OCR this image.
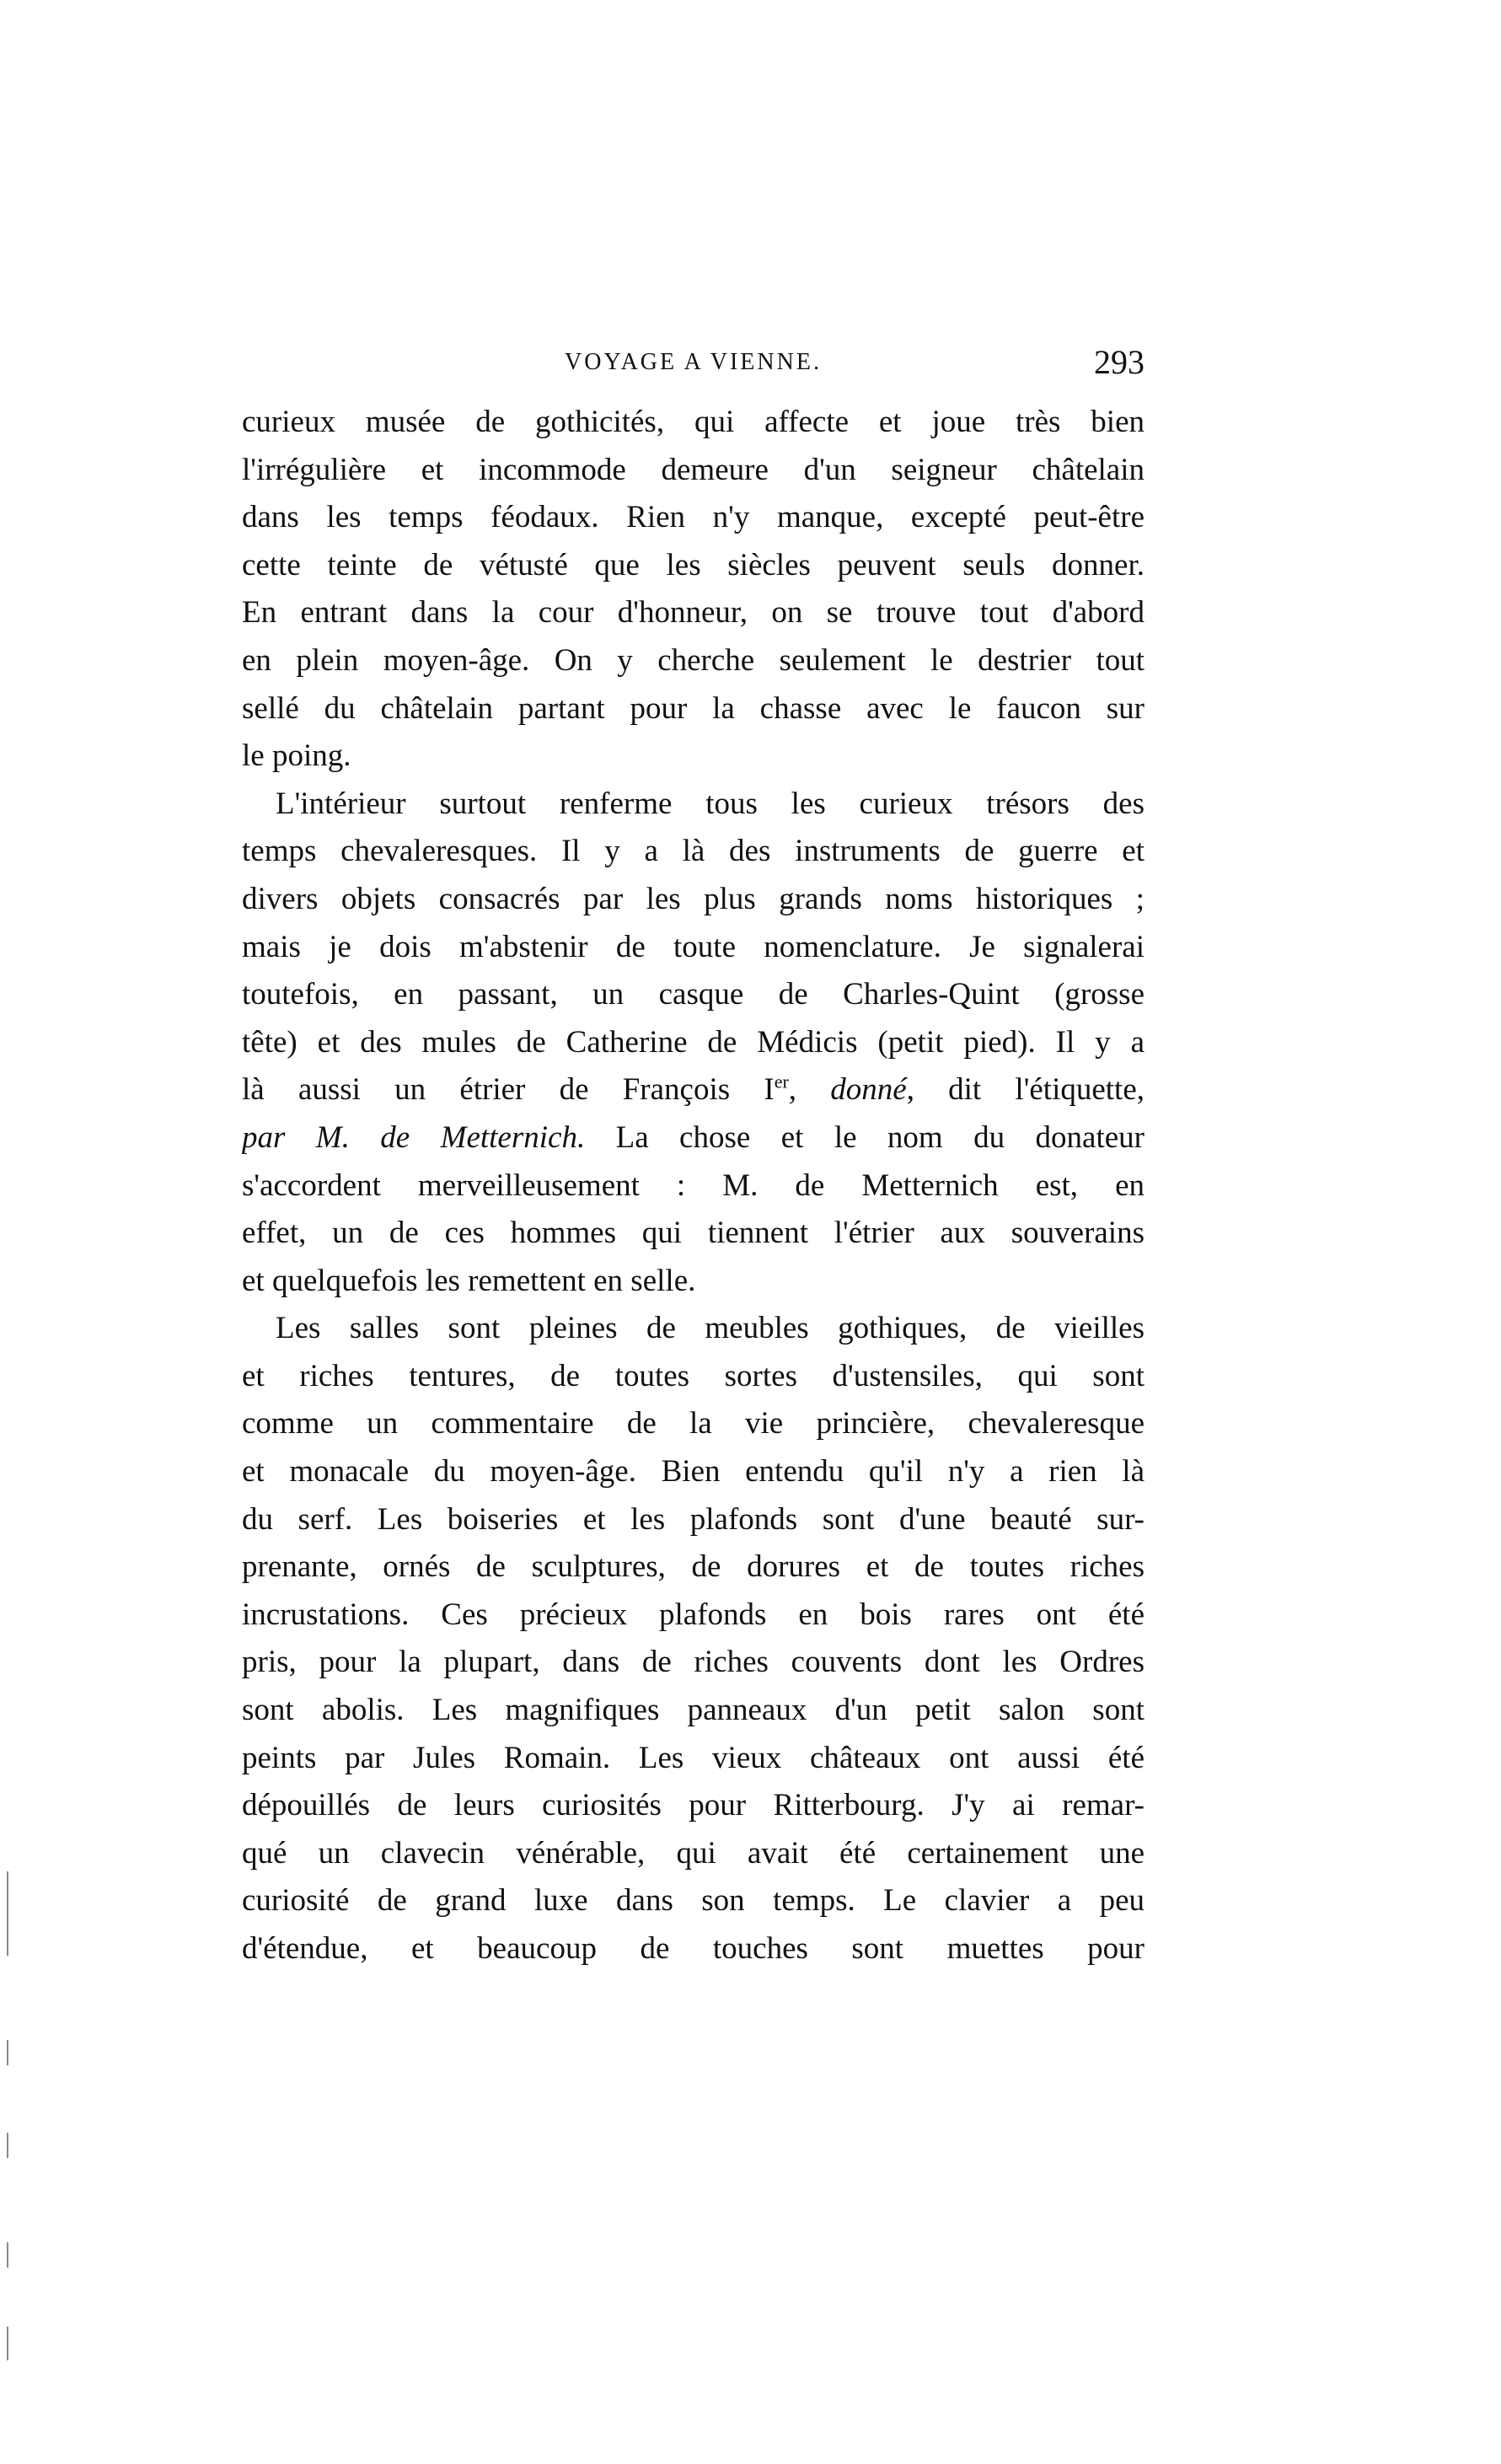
VOYAGE A VIENNE.	293
curieux musée de gothicités, qui affecte et joue très bien
l'irrégulière et incommode demeure d'un seigneur châtelain
dans les temps féodaux. Rien n'y manque, excepté peut-être
cette teinte de vétusté que les siècles peuvent seuls donner.
En entrant dans la cour d'honneur, on se trouve tout d'abord
en plein moyen-âge. On y cherche seulement le destrier tout
sellé du châtelain partant pour la chasse avec le faucon sur
le poing.
L'intérieur surtout renferme tous les curieux trésors des
temps chevaleresques. Il y a là des instruments de guerre et
divers objets consacrés par les plus grands noms historiques ;
mais je dois m'abstenir de toute nomenclature. Je signalerai
toutefois, en passant, un casque de Charles-Quint (grosse
tête) et des mules de Catherine de Médicis (petit pied). Il y a
là aussi un étrier de François Ier, donné, dit l'étiquette,
par M. de Metternich. La chose et le nom du donateur
s'accordent merveilleusement : M. de Metternich est, en
effet, un de ces hommes qui tiennent l'étrier aux souverains
et quelquefois les remettent en selle.
Les salles sont pleines de meubles gothiques, de vieilles
et riches tentures, de toutes sortes d'ustensiles, qui sont
comme un commentaire de la vie princière, chevaleresque
et monacale du moyen-âge. Bien entendu qu'il n'y a rien là
du serf. Les boiseries et les plafonds sont d'une beauté sur-
prenante, ornés de sculptures, de dorures et de toutes riches
incrustations. Ces précieux plafonds en bois rares ont été
pris, pour la plupart, dans de riches couvents dont les Ordres
sont abolis. Les magnifiques panneaux d'un petit salon sont
peints par Jules Romain. Les vieux châteaux ont aussi été
dépouillés de leurs curiosités pour Ritterbourg. J'y ai remar-
qué un clavecin vénérable, qui avait été certainement une
curiosité de grand luxe dans son temps. Le clavier a peu
d'étendue, et beaucoup de touches sont muettes pour
